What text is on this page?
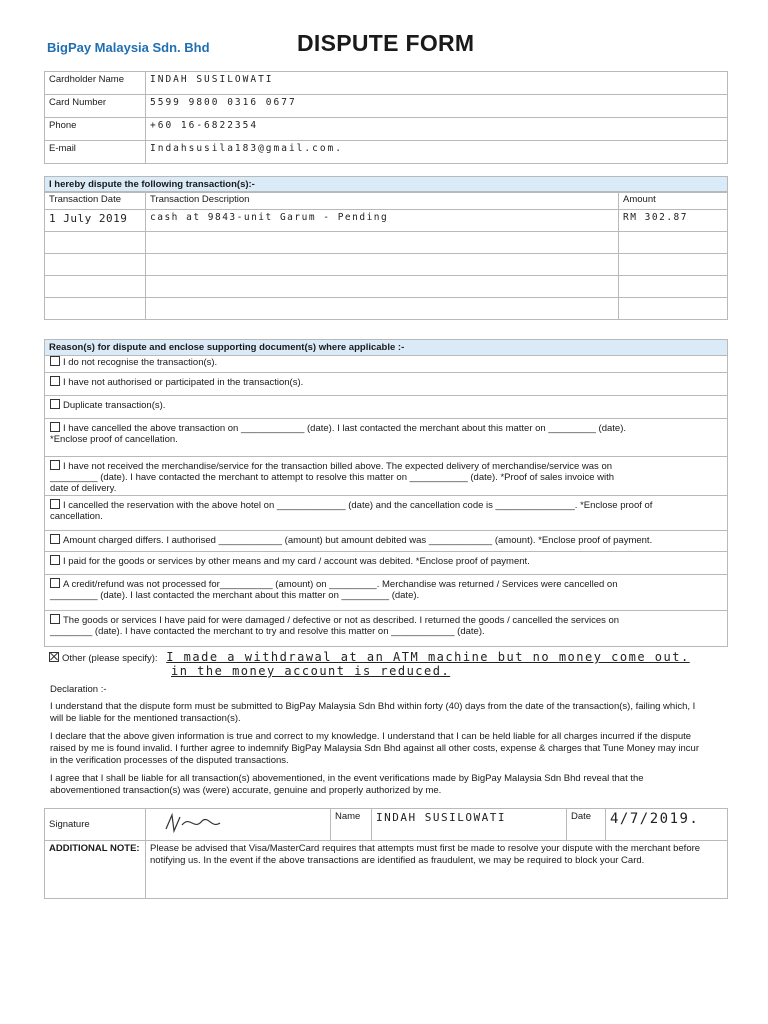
BigPay Malaysia Sdn. Bhd	DISPUTE FORM
Cardholder Name	INDAH SUSILOWATI
Card Number	5599 9800 0316 0677
Phone	+60 16-6822354
E-mail	Indahsusila183@gmail.com.
I hereby dispute the following transaction(s):-
Transaction Date	Transaction Description	Amount
1 July 2019	cash at 9843-unit Garum - Pending	RM 302.87

Reason(s) for dispute and enclose supporting document(s) where applicable :-
I do not recognise the transaction(s).
I have not authorised or participated in the transaction(s).
Duplicate transaction(s).
I have cancelled the above transaction on ____________ (date). I last contacted the merchant about this matter on _________ (date).
*Enclose proof of cancellation.
I have not received the merchandise/service for the transaction billed above. The expected delivery of merchandise/service was on
_________ (date). I have contacted the merchant to attempt to resolve this matter on ___________ (date). *Proof of sales invoice with
date of delivery.
I cancelled the reservation with the above hotel on _____________ (date) and the cancellation code is _______________. *Enclose proof of
cancellation.
Amount charged differs. I authorised ____________ (amount) but amount debited was ____________ (amount). *Enclose proof of payment.
I paid for the goods or services by other means and my card / account was debited. *Enclose proof of payment.
A credit/refund was not processed for__________ (amount) on _________. Merchandise was returned / Services were cancelled on
_________ (date). I last contacted the merchant about this matter on _________ (date).
The goods or services I have paid for were damaged / defective or not as described. I returned the goods / cancelled the services on
________ (date). I have contacted the merchant to try and resolve this matter on ____________ (date).
Other (please specify): I made a withdrawal at an ATM machine but no money come out.
in the money account is reduced.
Declaration :-
I understand that the dispute form must be submitted to BigPay Malaysia Sdn Bhd within forty (40) days from the date of the transaction(s), failing which, I will be liable for the mentioned transaction(s).
I declare that the above given information is true and correct to my knowledge. I understand that I can be held liable for all charges incurred if the dispute raised by me is found invalid. I further agree to indemnify BigPay Malaysia Sdn Bhd against all other costs, expense & charges that Tune Money may incur in the verification processes of the disputed transactions.
I agree that I shall be liable for all transaction(s) abovementioned, in the event verifications made by BigPay Malaysia Sdn Bhd reveal that the abovementioned transaction(s) was (were) accurate, genuine and properly authorized by me.
Signature		Name	INDAH SUSILOWATI	Date	4/7/2019.
ADDITIONAL NOTE:	Please be advised that Visa/MasterCard requires that attempts must first be made to resolve your dispute with the merchant before notifying us. In the event if the above transactions are identified as fraudulent, we may be required to block your Card.				
